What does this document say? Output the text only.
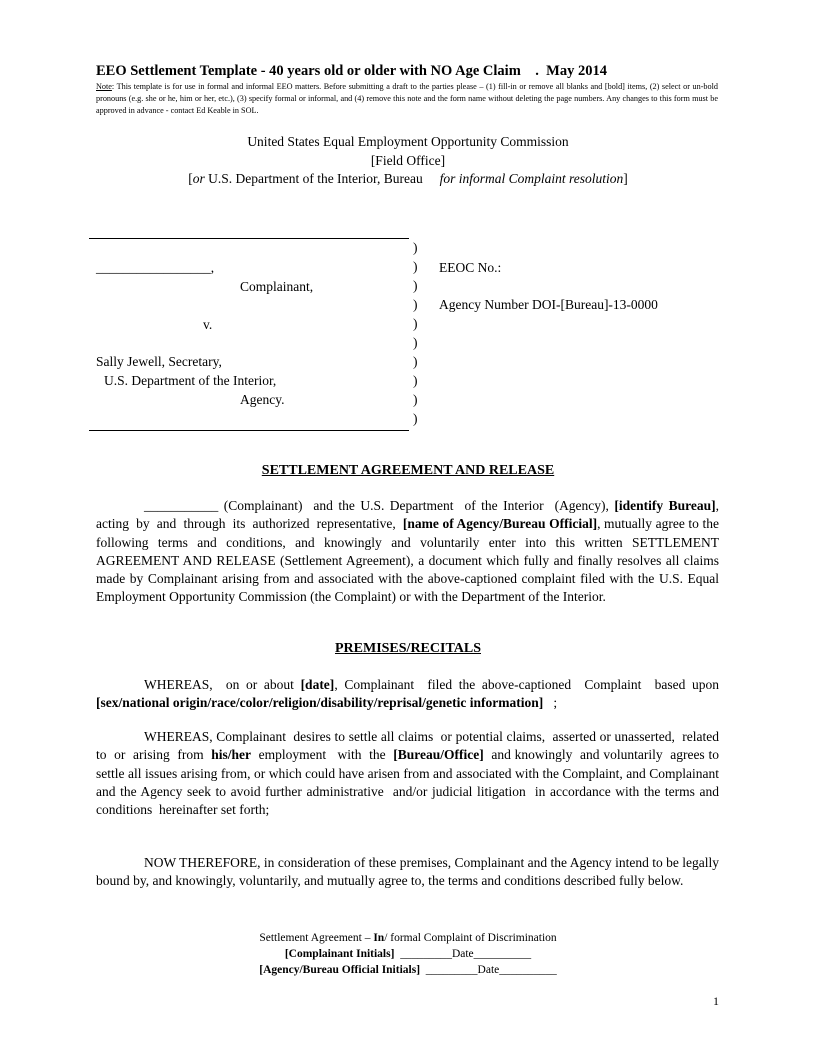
EEO Settlement Template - 40 years old or older with NO Age Claim    .  May 2014
Note: This template is for use in formal and informal EEO matters. Before submitting a draft to the parties please – (1) fill-in or remove all blanks and [bold] items, (2) select or un-bold pronouns (e.g. she or he, him or her, etc.), (3) specify formal or informal, and (4) remove this note and the form name without deleting the page numbers. Any changes to this form must be approved in advance - contact Ed Keable in SOL.
United States Equal Employment Opportunity Commission
[Field Office]
[or U.S. Department of the Interior, Bureau     for informal Complaint resolution]
)
)
)
)
)
)
)
)
)
)
_________________,
Complainant,
v.
Sally Jewell, Secretary,
U.S. Department of the Interior,
Agency.
EEOC No.:
Agency Number DOI-[Bureau]-13-0000
SETTLEMENT AGREEMENT AND RELEASE
___________ (Complainant)  and the U.S. Department  of the Interior  (Agency), [identify Bureau],  acting  by  and  through  its  authorized  representative,  [name of Agency/Bureau Official], mutually agree to the following terms and conditions, and knowingly and voluntarily enter into this written SETTLEMENT AGREEMENT AND RELEASE (Settlement Agreement), a document which fully and finally resolves all claims made by Complainant arising from and associated with the above-captioned complaint filed with the U.S. Equal Employment Opportunity Commission (the Complaint) or with the Department of the Interior.
PREMISES/RECITALS
WHEREAS,  on or about [date], Complainant  filed the above-captioned  Complaint  based upon [sex/national origin/race/color/religion/disability/reprisal/genetic information]   ;
WHEREAS, Complainant  desires to settle all claims  or potential claims,  asserted or unasserted,  related  to  or  arising  from  his/her  employment   with  the  [Bureau/Office]  and knowingly  and voluntarily  agrees to settle all issues arising from, or which could have arisen from and associated with the Complaint, and Complainant and the Agency seek to avoid further administrative  and/or judicial litigation  in accordance with the terms and conditions  hereinafter set forth;
NOW THEREFORE, in consideration of these premises, Complainant and the Agency intend to be legally bound by, and knowingly, voluntarily, and mutually agree to, the terms and conditions described fully below.
Settlement Agreement – In/ formal Complaint of Discrimination
[Complainant Initials]  _________Date__________
[Agency/Bureau Official Initials]  _________Date__________
1
